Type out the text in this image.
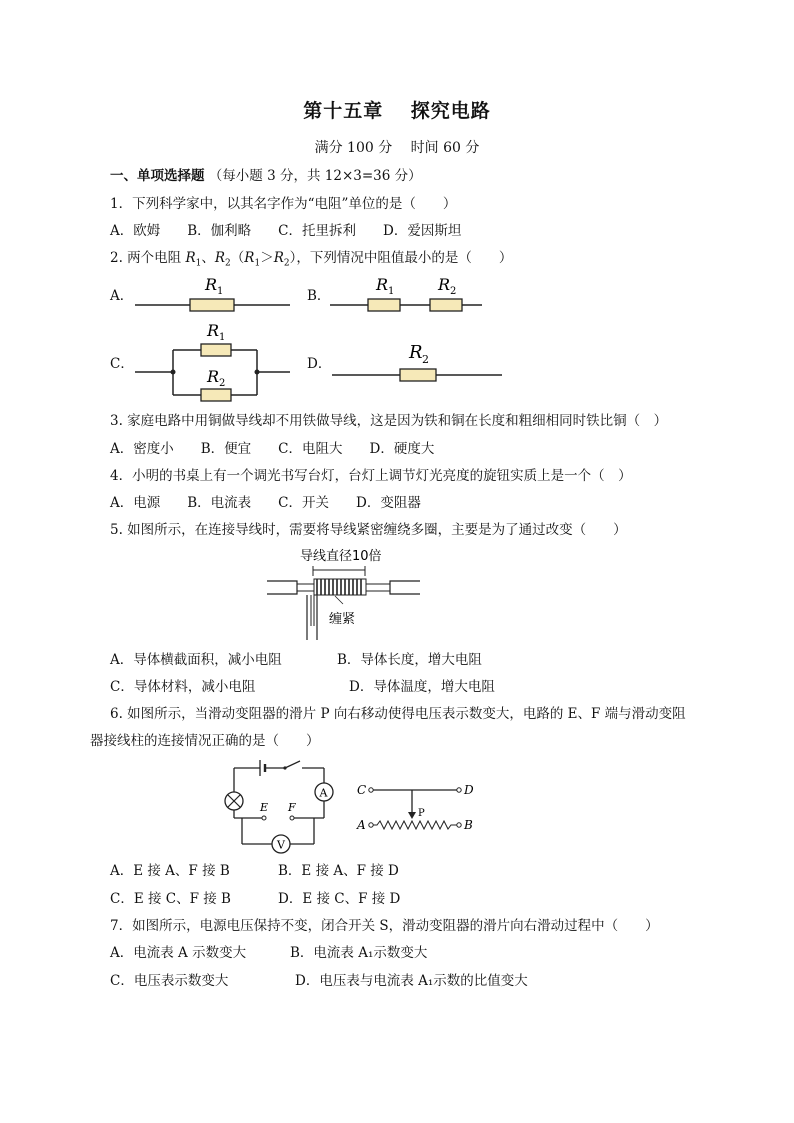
第十五章　 探究电路
满分 100 分　 时间 60 分
一、单项选择题 （每小题 3 分，共 12×3=36 分）
1．下列科学家中，以其名字作为“电阻”单位的是（　　）
A．欧姆　　B．伽利略　　C．托里拆利　　D．爱因斯坦
2. 两个电阻 $R_1$、$R_2(R_1>R_2)$，下列情况中阻值最小的是（　　）
A．	B．
C．	D．
R 1	R 1	R 2
R 1
R 2
R 2
3. 家庭电路中用铜做导线却不用铁做导线，这是因为铁和铜在长度和粗细相同时铁比铜（　）
A．密度小　　B．便宜　　C．电阻大　　D．硬度大
4．小明的书桌上有一个调光书写台灯，台灯上调节灯光亮度的旋钮实质上是一个（　）
A．电源　　B．电流表　　C．开关　　D．变阻器
5. 如图所示，在连接导线时，需要将导线紧密缠绕多圈，主要是为了通过改变（　　）
导线直径10倍
缠紧
A．导体横截面积，减小电阻	B．导体长度，增大电阻
C．导体材料，减小电阻	D．导体温度，增大电阻
6. 如图所示，当滑动变阻器的滑片 P 向右移动使得电压表示数变大，电路的 E、F 端与滑动变阻
器接线柱的连接情况正确的是（　　）
A
E F
V
C	D
P
A	B
A．E 接 A、F 接 B	B．E 接 A、F 接 D
C．E 接 C、F 接 B	D．E 接 C、F 接 D
7．如图所示，电源电压保持不变，闭合开关 S，滑动变阻器的滑片向右滑动过程中（　　）
A．电流表 A 示数变大	B．电流表 A₁示数变大
C．电压表示数变大	D．电压表与电流表 A₁示数的比值变大
